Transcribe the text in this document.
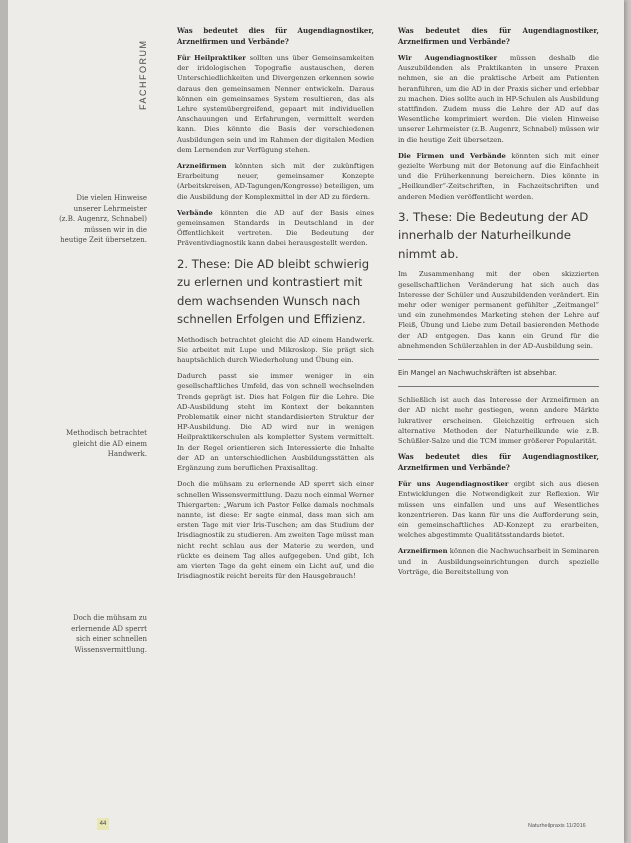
FACHFORUM
Die vielen Hinweise unserer Lehrmeister (z.B. Augenrz, Schnabel) müssen wir in die heutige Zeit übersetzen.
Methodisch betrachtet gleicht die AD einem Handwerk.
Doch die mühsam zu erlernende AD sperrt sich einer schnellen Wissensvermittlung.

Was bedeutet dies für Augendiagnostiker, Arzneifirmen und Verbände?

Für Heilpraktiker sollten uns über Gemeinsamkeiten der iridologischen Topografie austauschen, deren Unterschiedlichkeiten und Divergenzen erkennen sowie daraus den gemeinsamen Nenner entwickeln. Daraus können ein gemeinsames System resultieren, das als Lehre systemübergreifend, gepaart mit individuellen Anschauungen und Erfahrungen, vermittelt werden kann. Dies könnte die Basis der verschiedenen Ausbildungen sein und im Rahmen der digitalen Medien dem Lernenden zur Verfügung stehen.

Arzneifirmen könnten sich mit der zukünftigen Erarbeitung neuer, gemeinsamer Konzepte (Arbeitskreisen, AD-Tagungen/Kongresse) beteiligen, um die Ausbildung der Komplexmittel in der AD zu fördern.

Verbände könnten die AD auf der Basis eines gemeinsamen Standards in Deutschland in der Öffentlichkeit vertreten. Die Bedeutung der Präventivdiagnostik kann dabei herausgestellt werden.

2. These: Die AD bleibt schwierig zu erlernen und kontrastiert mit dem wachsenden Wunsch nach schnellen Erfolgen und Effizienz.

Methodisch betrachtet gleicht die AD einem Handwerk. Sie arbeitet mit Lupe und Mikroskop. Sie prägt sich hauptsächlich durch Wiederholung und Übung ein.

Dadurch passt sie immer weniger in ein gesellschaftliches Umfeld, das von schnell wechselnden Trends geprägt ist. Dies hat Folgen für die Lehre. Die AD-Ausbildung steht im Kontext der bekannten Problematik einer nicht standardisierten Struktur der HP-Ausbildung. Die AD wird nur in wenigen Heilpraktikerschulen als kompletter System vermittelt. In der Regel orientieren sich Interessierte die Inhalte der AD an unterschiedlichen Ausbildungsstätten als Ergänzung zum beruflichen Praxisalltag.

Doch die mühsam zu erlernende AD sperrt sich einer schnellen Wissensvermittlung. Dazu noch einmal Werner Thiergarten: „Warum ich Pastor Felke damals nochmals nannte, ist diese: Er sagte einmal, dass man sich am ersten Tage mit vier Iris-Tuschen; am das Studium der Irisdiagnostik zu studieren. Am zweiten Tage müsst man nicht recht schlau aus der Materie zu werden, und rückte es deinem Tag alles aufgegeben. Und gibt, Ich am vierten Tage da geht einem ein Licht auf, und die Irisdiagnostik reicht bereits für den Hausgebrauch!

Was bedeutet dies für Augendiagnostiker, Arzneifirmen und Verbände?

Wir Augendiagnostiker müssen deshalb die Auszubildenden als Praktikanten in unsere Praxen nehmen, sie an die praktische Arbeit am Patienten heranführen, um die AD in der Praxis sicher und erlebbar zu machen. Dies sollte auch in HP-Schulen als Ausbildung stattfinden. Zudem muss die Lehre der AD auf das Wesentliche komprimiert werden. Die vielen Hinweise unserer Lehrmeister (z.B. Augenrz, Schnabel) müssen wir in die heutige Zeit übersetzen.

Die Firmen und Verbände könnten sich mit einer gezielte Werbung mit der Betonung auf die Einfachheit und die Früherkennung bereichern. Dies könnte in „Heilkundler“-Zeitschriften, in Fachzeitschriften und anderen Medien veröffentlicht werden.

3. These: Die Bedeutung der AD innerhalb der Naturheilkunde nimmt ab.

Im Zusammenhang mit der oben skizzierten gesellschaftlichen Veränderung hat sich auch das Interesse der Schüler und Auszubildenden verändert. Ein mehr oder weniger permanent gefühlter „Zeitmangel“ und ein zunehmendes Marketing stehen der Lehre auf Fleiß, Übung und Liebe zum Detail basierenden Methode der AD entgegen. Das kann ein Grund für die abnehmenden Schülerzahlen in der AD-Ausbildung sein.

Ein Mangel an Nachwuchskräften ist absehbar.

Schließlich ist auch das Interesse der Arzneifirmen an der AD nicht mehr gestiegen, wenn andere Märkte lukrativer erscheinen. Gleichzeitig erfreuen sich alternative Methoden der Naturheilkunde wie z.B. Schüßler-Salze und die TCM immer größerer Popularität.

Was bedeutet dies für Augendiagnostiker, Arzneifirmen und Verbände?

Für uns Augendiagnostiker ergibt sich aus diesen Entwicklungen die Notwendigkeit zur Reflexion. Wir müssen uns einfallen und uns auf Wesentliches konzentrieren. Das kann für uns die Aufforderung sein, ein gemeinschaftliches AD-Konzept zu erarbeiten, welches abgestimmte Qualitätsstandards bietet.

Arzneifirmen können die Nachwuchsarbeit in Seminaren und in Ausbildungseinrichtungen durch spezielle Vorträge, die Bereitstellung von

44	Naturheilpraxis 11/2016
